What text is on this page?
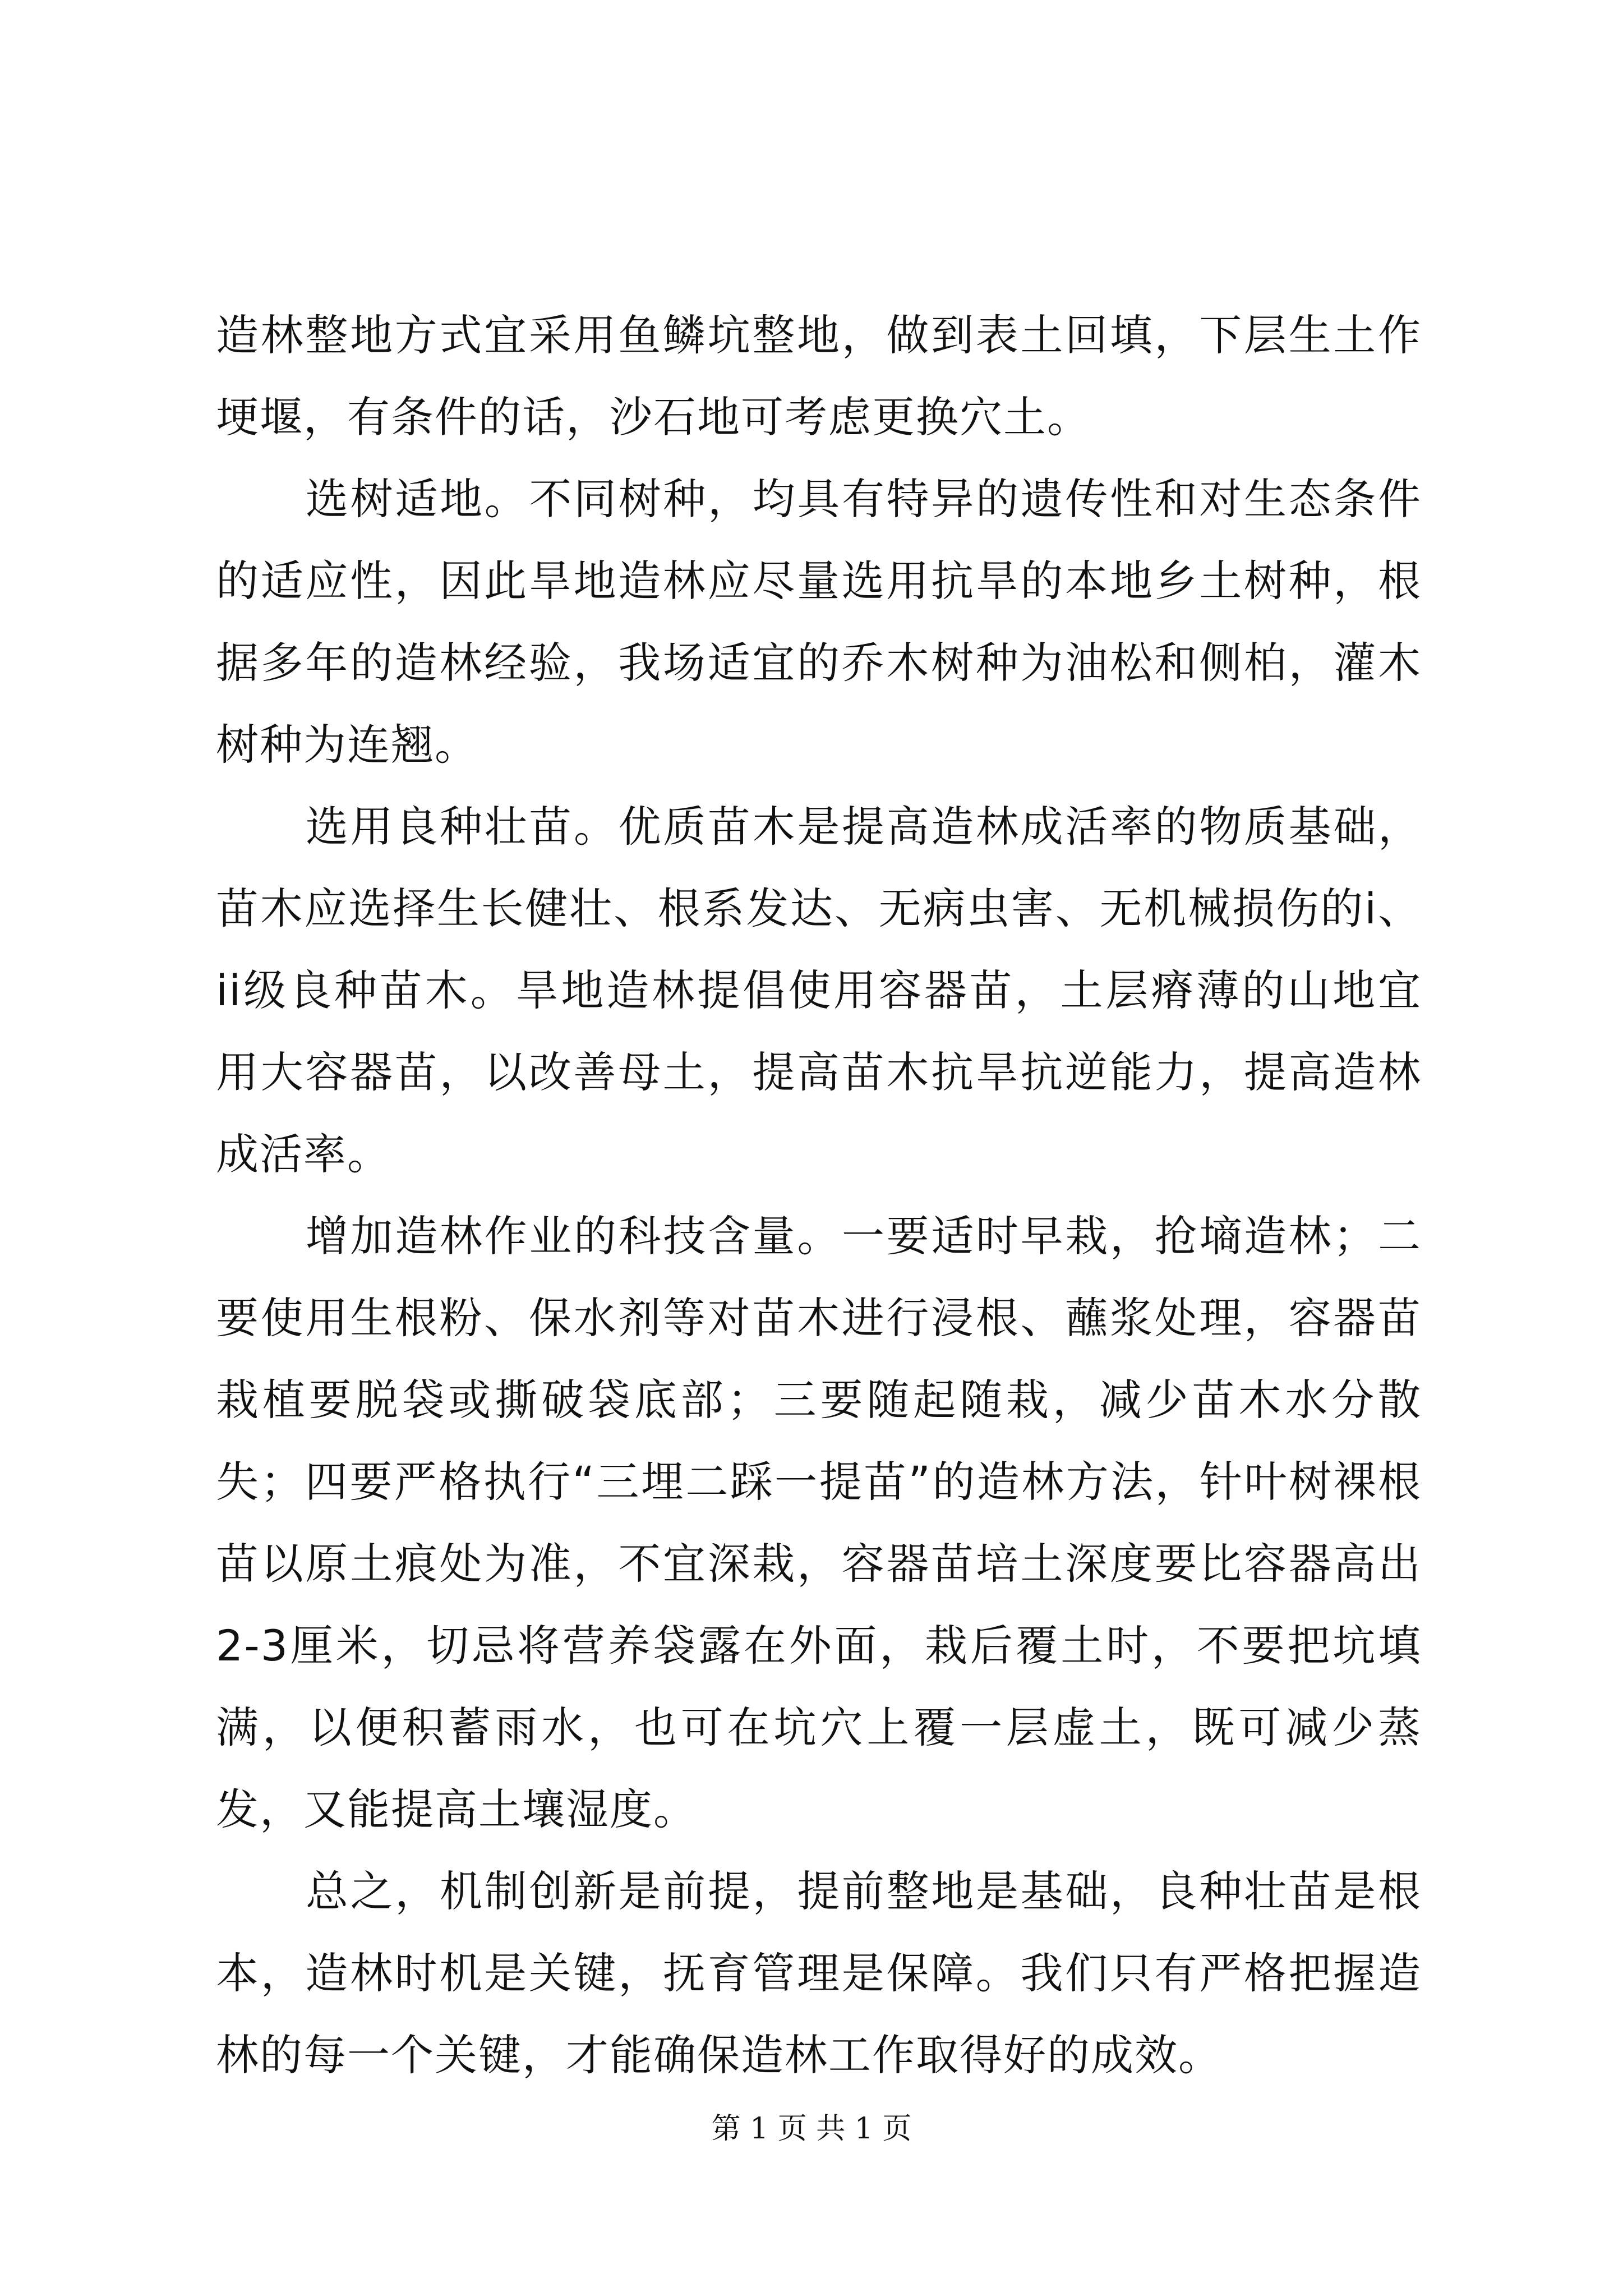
造林整地方式宜采用鱼鳞坑整地，做到表土回填，下层生土作埂堰，有条件的话，沙石地可考虑更换穴土。

选树适地。不同树种，均具有特异的遗传性和对生态条件的适应性，因此旱地造林应尽量选用抗旱的本地乡土树种，根据多年的造林经验，我场适宜的乔木树种为油松和侧柏，灌木树种为连翘。

选用良种壮苗。优质苗木是提高造林成活率的物质基础，苗木应选择生长健壮、根系发达、无病虫害、无机械损伤的i、ii级良种苗木。旱地造林提倡使用容器苗，土层瘠薄的山地宜用大容器苗，以改善母土，提高苗木抗旱抗逆能力，提高造林成活率。

增加造林作业的科技含量。一要适时早栽，抢墒造林；二要使用生根粉、保水剂等对苗木进行浸根、蘸浆处理，容器苗栽植要脱袋或撕破袋底部；三要随起随栽，减少苗木水分散失；四要严格执行“三埋二踩一提苗”的造林方法，针叶树裸根苗以原土痕处为准，不宜深栽，容器苗培土深度要比容器高出2-3厘米，切忌将营养袋露在外面，栽后覆土时，不要把坑填满，以便积蓄雨水，也可在坑穴上覆一层虚土，既可减少蒸发，又能提高土壤湿度。

总之，机制创新是前提，提前整地是基础，良种壮苗是根本，造林时机是关键，抚育管理是保障。我们只有严格把握造林的每一个关键，才能确保造林工作取得好的成效。

第 1 页 共 1 页
